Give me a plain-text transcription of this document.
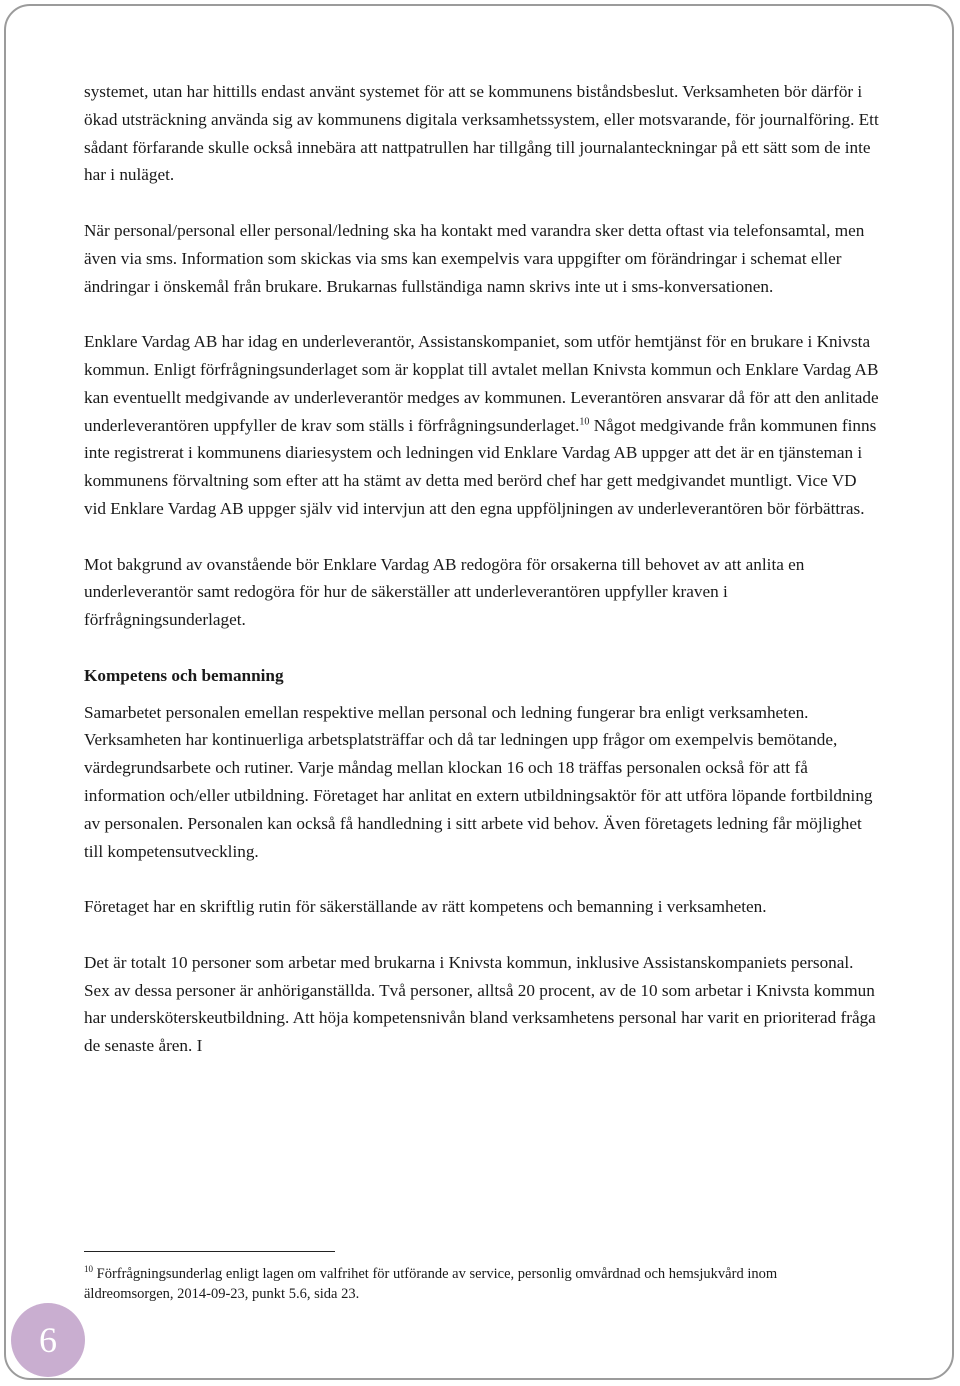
systemet, utan har hittills endast använt systemet för att se kommunens biståndsbeslut. Verksamheten bör därför i ökad utsträckning använda sig av kommunens digitala verksamhetssystem, eller motsvarande, för journalföring. Ett sådant förfarande skulle också innebära att nattpatrullen har tillgång till journalanteckningar på ett sätt som de inte har i nuläget.

När personal/personal eller personal/ledning ska ha kontakt med varandra sker detta oftast via telefonsamtal, men även via sms. Information som skickas via sms kan exempelvis vara uppgifter om förändringar i schemat eller ändringar i önskemål från brukare. Brukarnas fullständiga namn skrivs inte ut i sms-konversationen.

Enklare Vardag AB har idag en underleverantör, Assistanskompaniet, som utför hemtjänst för en brukare i Knivsta kommun. Enligt förfrågningsunderlaget som är kopplat till avtalet mellan Knivsta kommun och Enklare Vardag AB kan eventuellt medgivande av underleverantör medges av kommunen. Leverantören ansvarar då för att den anlitade underleverantören uppfyller de krav som ställs i förfrågningsunderlaget.$^{10}$ Något medgivande från kommunen finns inte registrerat i kommunens diariesystem och ledningen vid Enklare Vardag AB uppger att det är en tjänsteman i kommunens förvaltning som efter att ha stämt av detta med berörd chef har gett medgivandet muntligt. Vice VD vid Enklare Vardag AB uppger själv vid intervjun att den egna uppföljningen av underleverantören bör förbättras.

Mot bakgrund av ovanstående bör Enklare Vardag AB redogöra för orsakerna till behovet av att anlita en underleverantör samt redogöra för hur de säkerställer att underleverantören uppfyller kraven i förfrågningsunderlaget.

Kompetens och bemanning

Samarbetet personalen emellan respektive mellan personal och ledning fungerar bra enligt verksamheten. Verksamheten har kontinuerliga arbetsplatsträffar och då tar ledningen upp frågor om exempelvis bemötande, värdegrundsarbete och rutiner. Varje måndag mellan klockan 16 och 18 träffas personalen också för att få information och/eller utbildning. Företaget har anlitat en extern utbildningsaktör för att utföra löpande fortbildning av personalen. Personalen kan också få handledning i sitt arbete vid behov. Även företagets ledning får möjlighet till kompetensutveckling.

Företaget har en skriftlig rutin för säkerställande av rätt kompetens och bemanning i verksamheten.

Det är totalt 10 personer som arbetar med brukarna i Knivsta kommun, inklusive Assistanskompaniets personal. Sex av dessa personer är anhöriganställda. Två personer, alltså 20 procent, av de 10 som arbetar i Knivsta kommun har undersköterskeutbildning. Att höja kompetensnivån bland verksamhetens personal har varit en prioriterad fråga de senaste åren. I

$^{10}$ Förfrågningsunderlag enligt lagen om valfrihet för utförande av service, personlig omvårdnad och hemsjukvård inom äldreomsorgen, 2014-09-23, punkt 5.6, sida 23.
6
